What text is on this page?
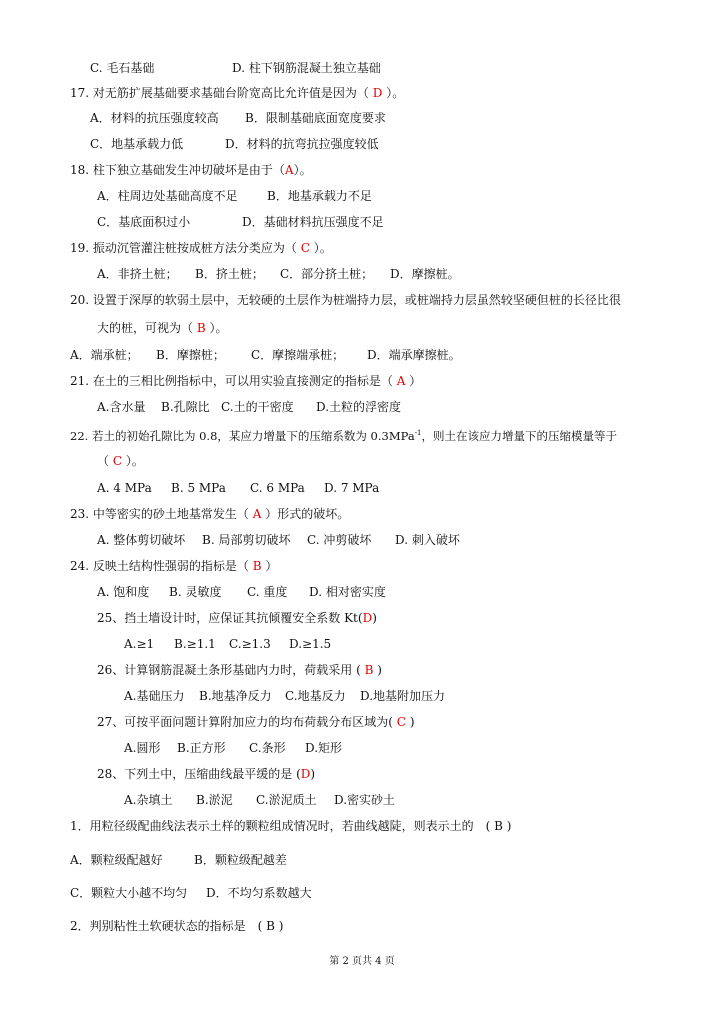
C. 毛石基础	D. 柱下钢筋混凝土独立基础
17. 对无筋扩展基础要求基础台阶宽高比允许值是因为（ D ）。
A．材料的抗压强度较高 B．限制基础底面宽度要求
C．地基承载力低	D．材料的抗弯抗拉强度较低
18. 柱下独立基础发生冲切破坏是由于（A）。
A．柱周边处基础高度不足 B．地基承载力不足
C．基底面积过小	D．基础材料抗压强度不足
19. 振动沉管灌注桩按成桩方法分类应为（ C ）。
A．非挤土桩； B．挤土桩； C．部分挤土桩； D．摩擦桩。
20. 设置于深厚的软弱土层中，无较硬的土层作为桩端持力层，或桩端持力层虽然较坚硬但桩的长径比很
大的桩，可视为（ B ）。
A．端承桩； B．摩擦桩； C．摩擦端承桩； D．端承摩擦桩。
21. 在土的三相比例指标中，可以用实验直接测定的指标是（ A ）
A.含水量 B.孔隙比 C.土的干密度 D.土粒的浮密度
22. 若土的初始孔隙比为 0.8，某应力增量下的压缩系数为 0.3MPa$^{-1}$，则土在该应力增量下的压缩模量等于
（ C ）。
A. 4 MPa B. 5 MPa C. 6 MPa D. 7 MPa
23. 中等密实的砂土地基常发生（ A ）形式的破坏。
A. 整体剪切破坏 B. 局部剪切破坏 C. 冲剪破坏 D. 刺入破坏
24. 反映土结构性强弱的指标是（ B ）
A. 饱和度 B. 灵敏度 C. 重度 D. 相对密实度
25、挡土墙设计时，应保证其抗倾覆安全系数 Kt(D)
A.≥1 B.≥1.1 C.≥1.3 D.≥1.5
26、计算钢筋混凝土条形基础内力时，荷载采用 ( B )
A.基础压力 B.地基净反力 C.地基反力 D.地基附加压力
27、可按平面问题计算附加应力的均布荷载分布区域为( C )
A.圆形 B.正方形 C.条形 D.矩形
28、下列土中，压缩曲线最平缓的是 (D)
A.杂填土 B.淤泥 C.淤泥质土 D.密实砂土
1．用粒径级配曲线法表示土样的颗粒组成情况时，若曲线越陡，则表示土的　( B )
A．颗粒级配越好	B．颗粒级配越差
C．颗粒大小越不均匀 D．不均匀系数越大
2．判别粘性土软硬状态的指标是　( B )
第 2 页共 4 页
